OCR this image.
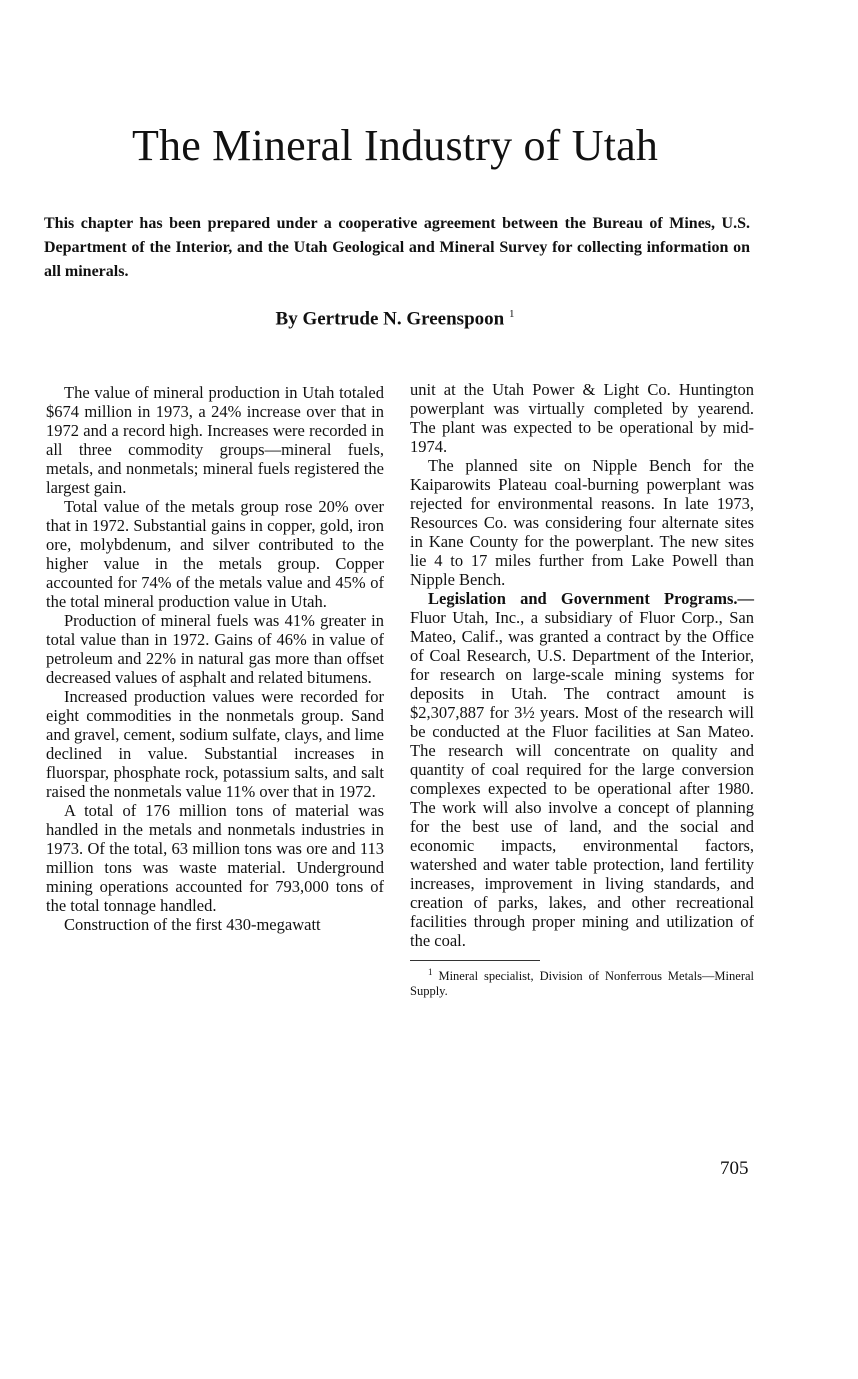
The Mineral Industry of Utah

This chapter has been prepared under a cooperative agreement between the Bureau of Mines, U.S. Department of the Interior, and the Utah Geological and Mineral Survey for collecting information on all minerals.

By Gertrude N. Greenspoon $^1$

The value of mineral production in Utah totaled $674 million in 1973, a 24% increase over that in 1972 and a record high. Increases were recorded in all three commodity groups—mineral fuels, metals, and nonmetals; mineral fuels registered the largest gain.

Total value of the metals group rose 20% over that in 1972. Substantial gains in copper, gold, iron ore, molybdenum, and silver contributed to the higher value in the metals group. Copper accounted for 74% of the metals value and 45% of the total mineral production value in Utah.

Production of mineral fuels was 41% greater in total value than in 1972. Gains of 46% in value of petroleum and 22% in natural gas more than offset decreased values of asphalt and related bitumens.

Increased production values were recorded for eight commodities in the nonmetals group. Sand and gravel, cement, sodium sulfate, clays, and lime declined in value. Substantial increases in fluorspar, phosphate rock, potassium salts, and salt raised the nonmetals value 11% over that in 1972.

A total of 176 million tons of material was handled in the metals and nonmetals industries in 1973. Of the total, 63 million tons was ore and 113 million tons was waste material. Underground mining operations accounted for 793,000 tons of the total tonnage handled.

Construction of the first 430-megawatt

unit at the Utah Power & Light Co. Huntington powerplant was virtually completed by yearend. The plant was expected to be operational by mid-1974.

The planned site on Nipple Bench for the Kaiparowits Plateau coal-burning powerplant was rejected for environmental reasons. In late 1973, Resources Co. was considering four alternate sites in Kane County for the powerplant. The new sites lie 4 to 17 miles further from Lake Powell than Nipple Bench.

Legislation and Government Programs.— Fluor Utah, Inc., a subsidiary of Fluor Corp., San Mateo, Calif., was granted a contract by the Office of Coal Research, U.S. Department of the Interior, for research on large-scale mining systems for deposits in Utah. The contract amount is $2,307,887 for 3½ years. Most of the research will be conducted at the Fluor facilities at San Mateo. The research will concentrate on quality and quantity of coal required for the large conversion complexes expected to be operational after 1980. The work will also involve a concept of planning for the best use of land, and the social and economic impacts, environmental factors, watershed and water table protection, land fertility increases, improvement in living standards, and creation of parks, lakes, and other recreational facilities through proper mining and utilization of the coal.

$^1$ Mineral specialist, Division of Nonferrous Metals—Mineral Supply.

705
